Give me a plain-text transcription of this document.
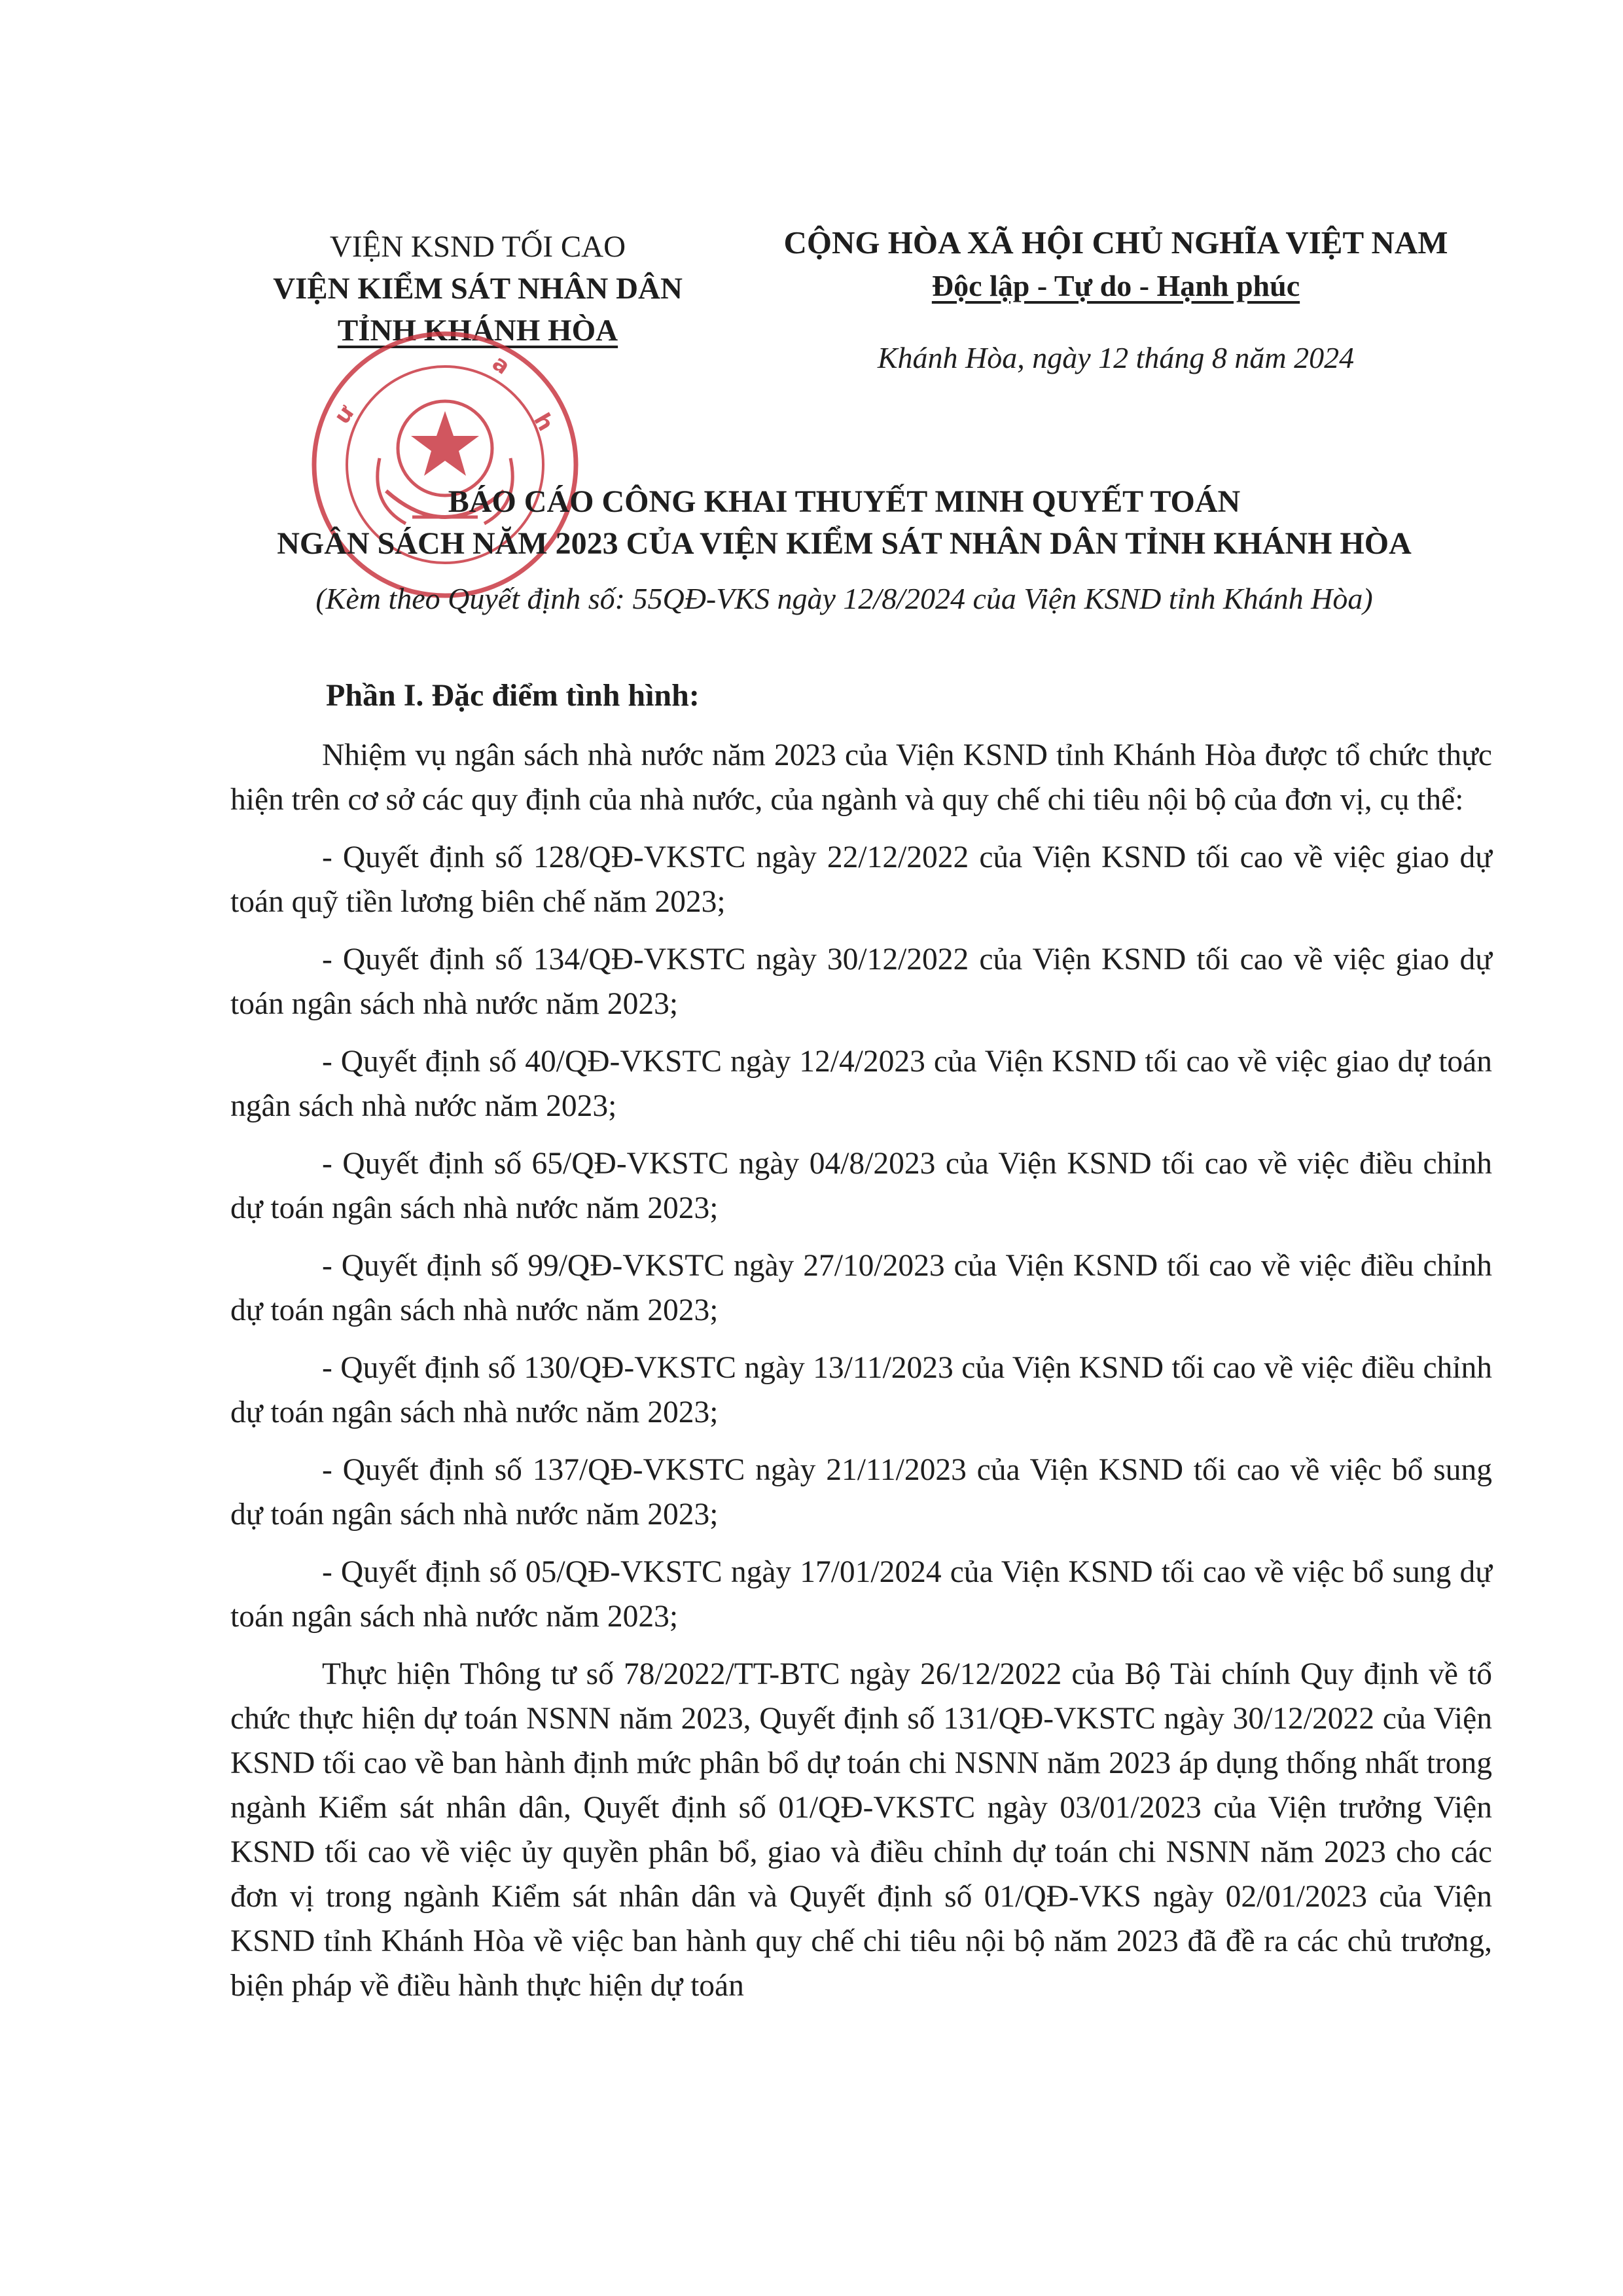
VIỆN KSND TỐI CAO
VIỆN KIỂM SÁT NHÂN DÂN
TỈNH KHÁNH HÒA
CỘNG HÒA XÃ HỘI CHỦ NGHĨA VIỆT NAM
Độc lập - Tự do - Hạnh phúc
Khánh Hòa, ngày 12 tháng 8 năm 2024
ư
a
h
BÁO CÁO CÔNG KHAI THUYẾT MINH QUYẾT TOÁN
NGÂN SÁCH NĂM 2023 CỦA VIỆN KIỂM SÁT NHÂN DÂN TỈNH KHÁNH HÒA
(Kèm theo Quyết định số: 55QĐ-VKS ngày 12/8/2024 của Viện KSND tỉnh Khánh Hòa)
Phần I. Đặc điểm tình hình:

Nhiệm vụ ngân sách nhà nước năm 2023 của Viện KSND tỉnh Khánh Hòa được tổ chức thực hiện trên cơ sở các quy định của nhà nước, của ngành và quy chế chi tiêu nội bộ của đơn vị, cụ thể:

- Quyết định số 128/QĐ-VKSTC ngày 22/12/2022 của Viện KSND tối cao về việc giao dự toán quỹ tiền lương biên chế năm 2023;

- Quyết định số 134/QĐ-VKSTC ngày 30/12/2022 của Viện KSND tối cao về việc giao dự toán ngân sách nhà nước năm 2023;

- Quyết định số 40/QĐ-VKSTC ngày 12/4/2023 của Viện KSND tối cao về việc giao dự toán ngân sách nhà nước năm 2023;

- Quyết định số 65/QĐ-VKSTC ngày 04/8/2023 của Viện KSND tối cao về việc điều chỉnh dự toán ngân sách nhà nước năm 2023;

- Quyết định số 99/QĐ-VKSTC ngày 27/10/2023 của Viện KSND tối cao về việc điều chỉnh dự toán ngân sách nhà nước năm 2023;

- Quyết định số 130/QĐ-VKSTC ngày 13/11/2023 của Viện KSND tối cao về việc điều chỉnh dự toán ngân sách nhà nước năm 2023;

- Quyết định số 137/QĐ-VKSTC ngày 21/11/2023 của Viện KSND tối cao về việc bổ sung dự toán ngân sách nhà nước năm 2023;

- Quyết định số 05/QĐ-VKSTC ngày 17/01/2024 của Viện KSND tối cao về việc bổ sung dự toán ngân sách nhà nước năm 2023;

Thực hiện Thông tư số 78/2022/TT-BTC ngày 26/12/2022 của Bộ Tài chính Quy định về tổ chức thực hiện dự toán NSNN năm 2023, Quyết định số 131/QĐ-VKSTC ngày 30/12/2022 của Viện KSND tối cao về ban hành định mức phân bổ dự toán chi NSNN năm 2023 áp dụng thống nhất trong ngành Kiểm sát nhân dân, Quyết định số 01/QĐ-VKSTC ngày 03/01/2023 của Viện trưởng Viện KSND tối cao về việc ủy quyền phân bổ, giao và điều chỉnh dự toán chi NSNN năm 2023 cho các đơn vị trong ngành Kiểm sát nhân dân và Quyết định số 01/QĐ-VKS ngày 02/01/2023 của Viện KSND tỉnh Khánh Hòa về việc ban hành quy chế chi tiêu nội bộ năm 2023 đã đề ra các chủ trương, biện pháp về điều hành thực hiện dự toán
